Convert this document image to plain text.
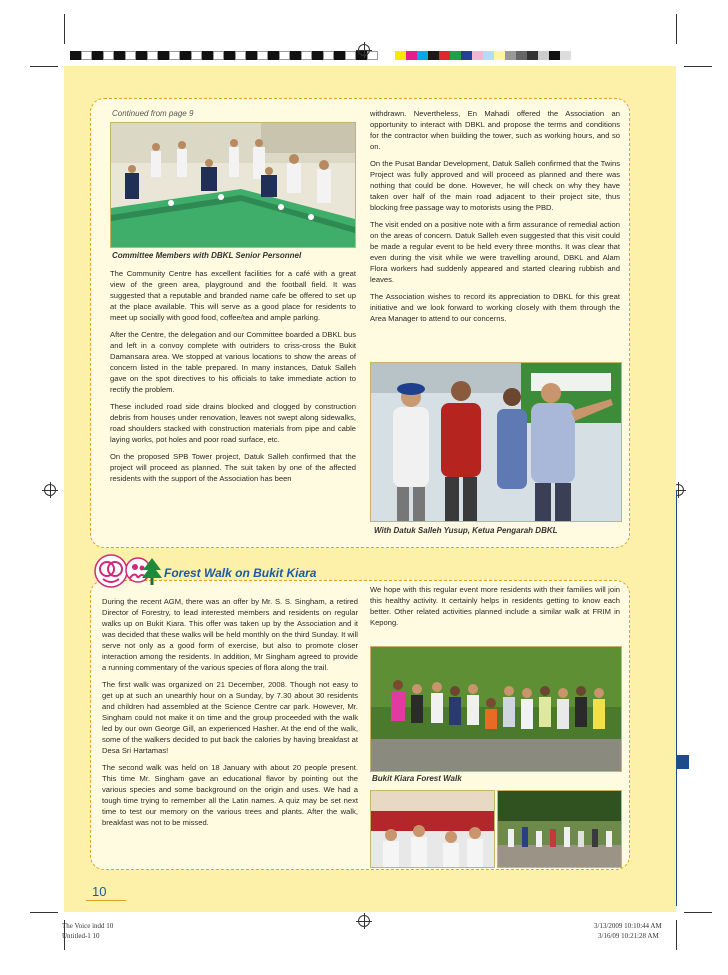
Continued from page 9
Committee Members with DBKL Senior Personnel

The Community Centre has excellent facilities for a café with a great view of the green area, playground and the football field. It was suggested that a reputable and branded name cafe be offered to set up at the place available. This will serve as a good place for residents to meet up socially with good food, coffee/tea and ample parking.

After the Centre, the delegation and our Committee boarded a DBKL bus and left in a convoy complete with outriders to criss-cross the Bukit Damansara area. We stopped at various locations to show the areas of concern listed in the table prepared. In many instances, Datuk Salleh gave on the spot directives to his officials to take immediate action to rectify the problem.

These included road side drains blocked and clogged by construction debris from houses under renovation, leaves not swept along sidewalks, road shoulders stacked with construction materials from pipe and cable laying works, pot holes and poor road surface, etc.

On the proposed SPB Tower project, Datuk Salleh confirmed that the project will proceed as planned. The suit taken by one of the affected residents with the support of the Association has been

withdrawn. Nevertheless, En Mahadi offered the Association an opportunity to interact with DBKL and propose the terms and conditions for the contractor when building the tower, such as working hours, and so on.

On the Pusat Bandar Development, Datuk Salleh confirmed that the Twins Project was fully approved and will proceed as planned and there was nothing that could be done. However, he will check on why they have taken over half of the main road adjacent to their project site, thus blocking free passage way to motorists using the PBD.

The visit ended on a positive note with a firm assurance of remedial action on the areas of concern. Datuk Salleh even suggested that this visit could be made a regular event to be held every three months. It was clear that even during the visit while we were travelling around, DBKL and Alam Flora workers had suddenly appeared and started clearing rubbish and leaves.

The Association wishes to record its appreciation to DBKL for this great initiative and we look forward to working closely with them through the Area Manager to attend to our concerns.

With Datuk Salleh Yusup, Ketua Pengarah DBKL
Forest Walk on Bukit Kiara

During the recent AGM, there was an offer by Mr. S. S. Singham, a retired Director of Forestry, to lead interested members and residents on regular walks up on Bukit Kiara. This offer was taken up by the Association and it was decided that these walks will be held monthly on the third Sunday. It will serve not only as a good form of exercise, but also to promote closer interaction among the residents. In addition, Mr Singham agreed to provide a running commentary of the various species of flora along the trail.

The first walk was organized on 21 December, 2008. Though not easy to get up at such an unearthly hour on a Sunday, by 7.30 about 30 residents and children had assembled at the Science Centre car park. However, Mr. Singham could not make it on time and the group proceeded with the walk led by our own George Gill, an experienced Hasher. At the end of the walk, some of the walkers decided to put back the calories by having breakfast at Desa Sri Hartamas!

The second walk was held on 18 January with about 20 people present. This time Mr. Singham gave an educational flavor by pointing out the various species and some background on the origin and uses. We had a tough time trying to remember all the Latin names. A quiz may be set next time to test our memory on the various trees and plants. After the walk, breakfast was not to be missed.

We hope with this regular event more residents with their families will join this healthy activity. It certainly helps in residents getting to know each better. Other related activities planned include a similar walk at FRIM in Kepong.

Bukit Kiara Forest Walk
10
The Voice indd 10
Untitled-1 10
3/13/2009 10:10:44 AM
3/16/09 10:21:28 AM
